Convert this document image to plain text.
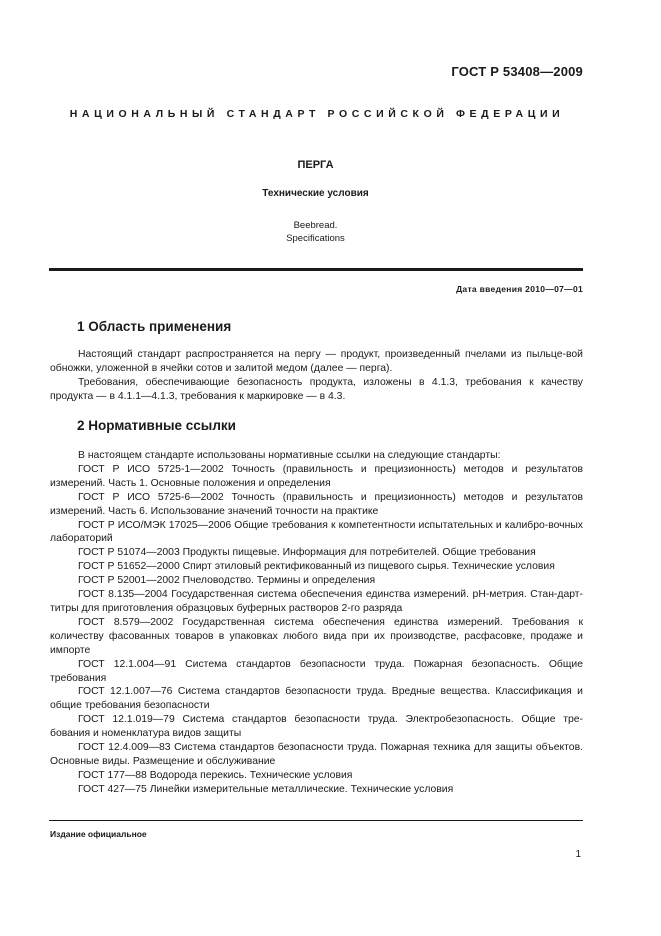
ГОСТ Р 53408—2009
НАЦИОНАЛЬНЫЙ СТАНДАРТ РОССИЙСКОЙ ФЕДЕРАЦИИ
ПЕРГА
Технические условия
Beebread.
Specifications
Дата введения 2010—07—01
1 Область применения

Настоящий стандарт распространяется на пергу — продукт, произведенный пчелами из пыльце-вой обножки, уложенной в ячейки сотов и залитой медом (далее — перга).

Требования, обеспечивающие безопасность продукта, изложены в 4.1.3, требования к качеству продукта — в 4.1.1—4.1.3, требования к маркировке — в 4.3.

2 Нормативные ссылки

В настоящем стандарте использованы нормативные ссылки на следующие стандарты:

ГОСТ Р ИСО 5725-1—2002 Точность (правильность и прецизионность) методов и результатов измерений. Часть 1. Основные положения и определения

ГОСТ Р ИСО 5725-6—2002 Точность (правильность и прецизионность) методов и результатов измерений. Часть 6. Использование значений точности на практике

ГОСТ Р ИСО/МЭК 17025—2006 Общие требования к компетентности испытательных и калибро-вочных лабораторий

ГОСТ Р 51074—2003 Продукты пищевые. Информация для потребителей. Общие требования

ГОСТ Р 51652—2000 Спирт этиловый ректификованный из пищевого сырья. Технические условия

ГОСТ Р 52001—2002 Пчеловодство. Термины и определения

ГОСТ 8.135—2004 Государственная система обеспечения единства измерений. pH-метрия. Стан-дарт-титры для приготовления образцовых буферных растворов 2-го разряда

ГОСТ 8.579—2002 Государственная система обеспечения единства измерений. Требования к количеству фасованных товаров в упаковках любого вида при их производстве, расфасовке, продаже и импорте

ГОСТ 12.1.004—91 Система стандартов безопасности труда. Пожарная безопасность. Общие требования

ГОСТ 12.1.007—76 Система стандартов безопасности труда. Вредные вещества. Классификация и общие требования безопасности

ГОСТ 12.1.019—79 Система стандартов безопасности труда. Электробезопасность. Общие тре-бования и номенклатура видов защиты

ГОСТ 12.4.009—83 Система стандартов безопасности труда. Пожарная техника для защиты объектов. Основные виды. Размещение и обслуживание

ГОСТ 177—88 Водорода перекись. Технические условия

ГОСТ 427—75 Линейки измерительные металлические. Технические условия

Издание официальное
1
